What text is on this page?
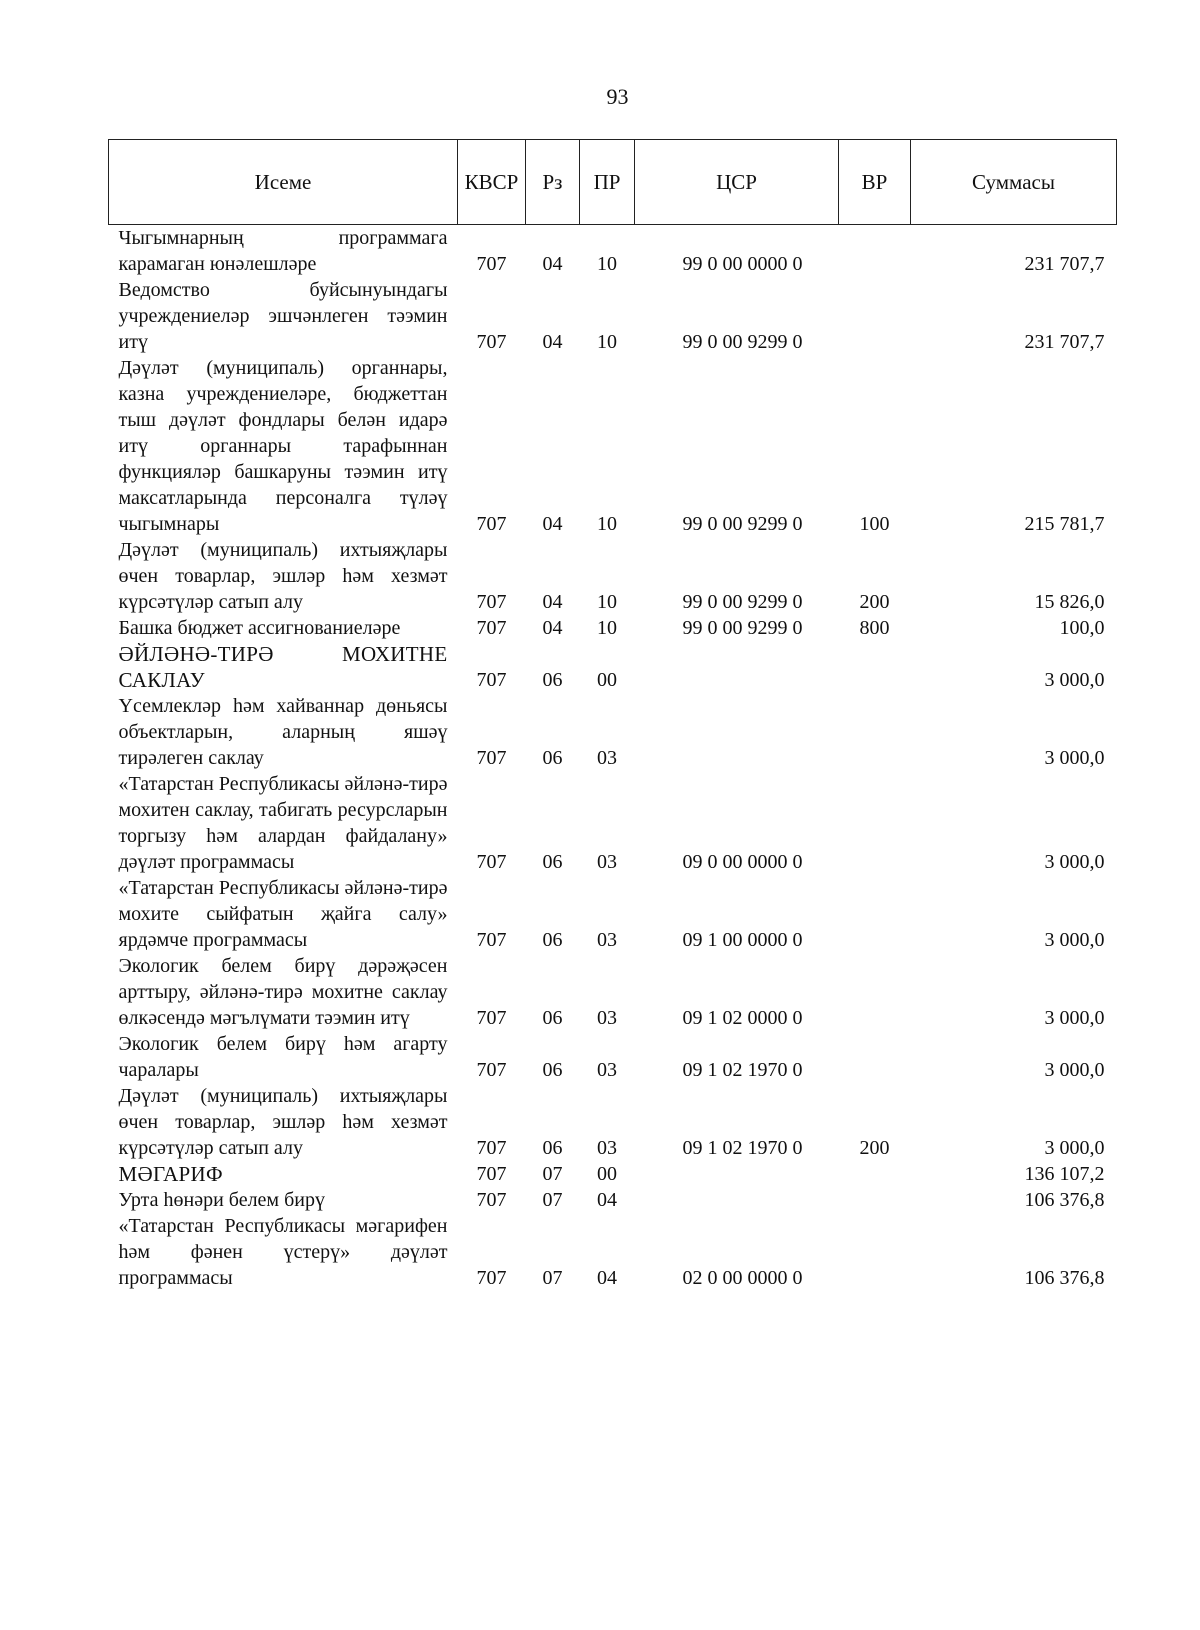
93
Исеме	КВСР	Рз	ПР	ЦСР	ВР	Суммасы
Чыгымнарның программага карамаган юнәлешләре	707	04	10	99 0 00 0000 0		231 707,7
Ведомство буйсынуындагы учреждениеләр эшчәнлеген тәэмин итү	707	04	10	99 0 00 9299 0		231 707,7
Дәүләт (муниципаль) органнары, казна учреждениеләре, бюджеттан тыш дәүләт фондлары белән идарә итү органнары тарафыннан функцияләр башкаруны тәэмин итү максатларында персоналга түләү чыгымнары	707	04	10	99 0 00 9299 0	100	215 781,7
Дәүләт (муниципаль) ихтыяҗлары өчен товарлар, эшләр һәм хезмәт күрсәтүләр сатып алу	707	04	10	99 0 00 9299 0	200	15 826,0
Башка бюджет ассигнованиеләре	707	04	10	99 0 00 9299 0	800	100,0
ӘЙЛӘНӘ-ТИРӘ МОХИТНЕ САКЛАУ	707	06	00			3 000,0
Үсемлекләр һәм хайваннар дөньясы объектларын, аларның яшәү тирәлеген саклау	707	06	03			3 000,0
«Татарстан Республикасы әйләнә-тирә мохитен саклау, табигать ресурсларын торгызу һәм алардан файдалану» дәүләт программасы	707	06	03	09 0 00 0000 0		3 000,0
«Татарстан Республикасы әйләнә-тирә мохите сыйфатын җайга салу» ярдәмче программасы	707	06	03	09 1 00 0000 0		3 000,0
Экологик белем бирү дәрәҗәсен арттыру, әйләнә-тирә мохитне саклау өлкәсендә мәгълүмати тәэмин итү	707	06	03	09 1 02 0000 0		3 000,0
Экологик белем бирү һәм агарту чаралары	707	06	03	09 1 02 1970 0		3 000,0
Дәүләт (муниципаль) ихтыяҗлары өчен товарлар, эшләр һәм хезмәт күрсәтүләр сатып алу	707	06	03	09 1 02 1970 0	200	3 000,0
МӘГАРИФ	707	07	00			136 107,2
Урта һөнәри белем бирү	707	07	04			106 376,8
«Татарстан Республикасы мәгарифен һәм фәнен үстерү» дәүләт программасы	707	07	04	02 0 00 0000 0		106 376,8
